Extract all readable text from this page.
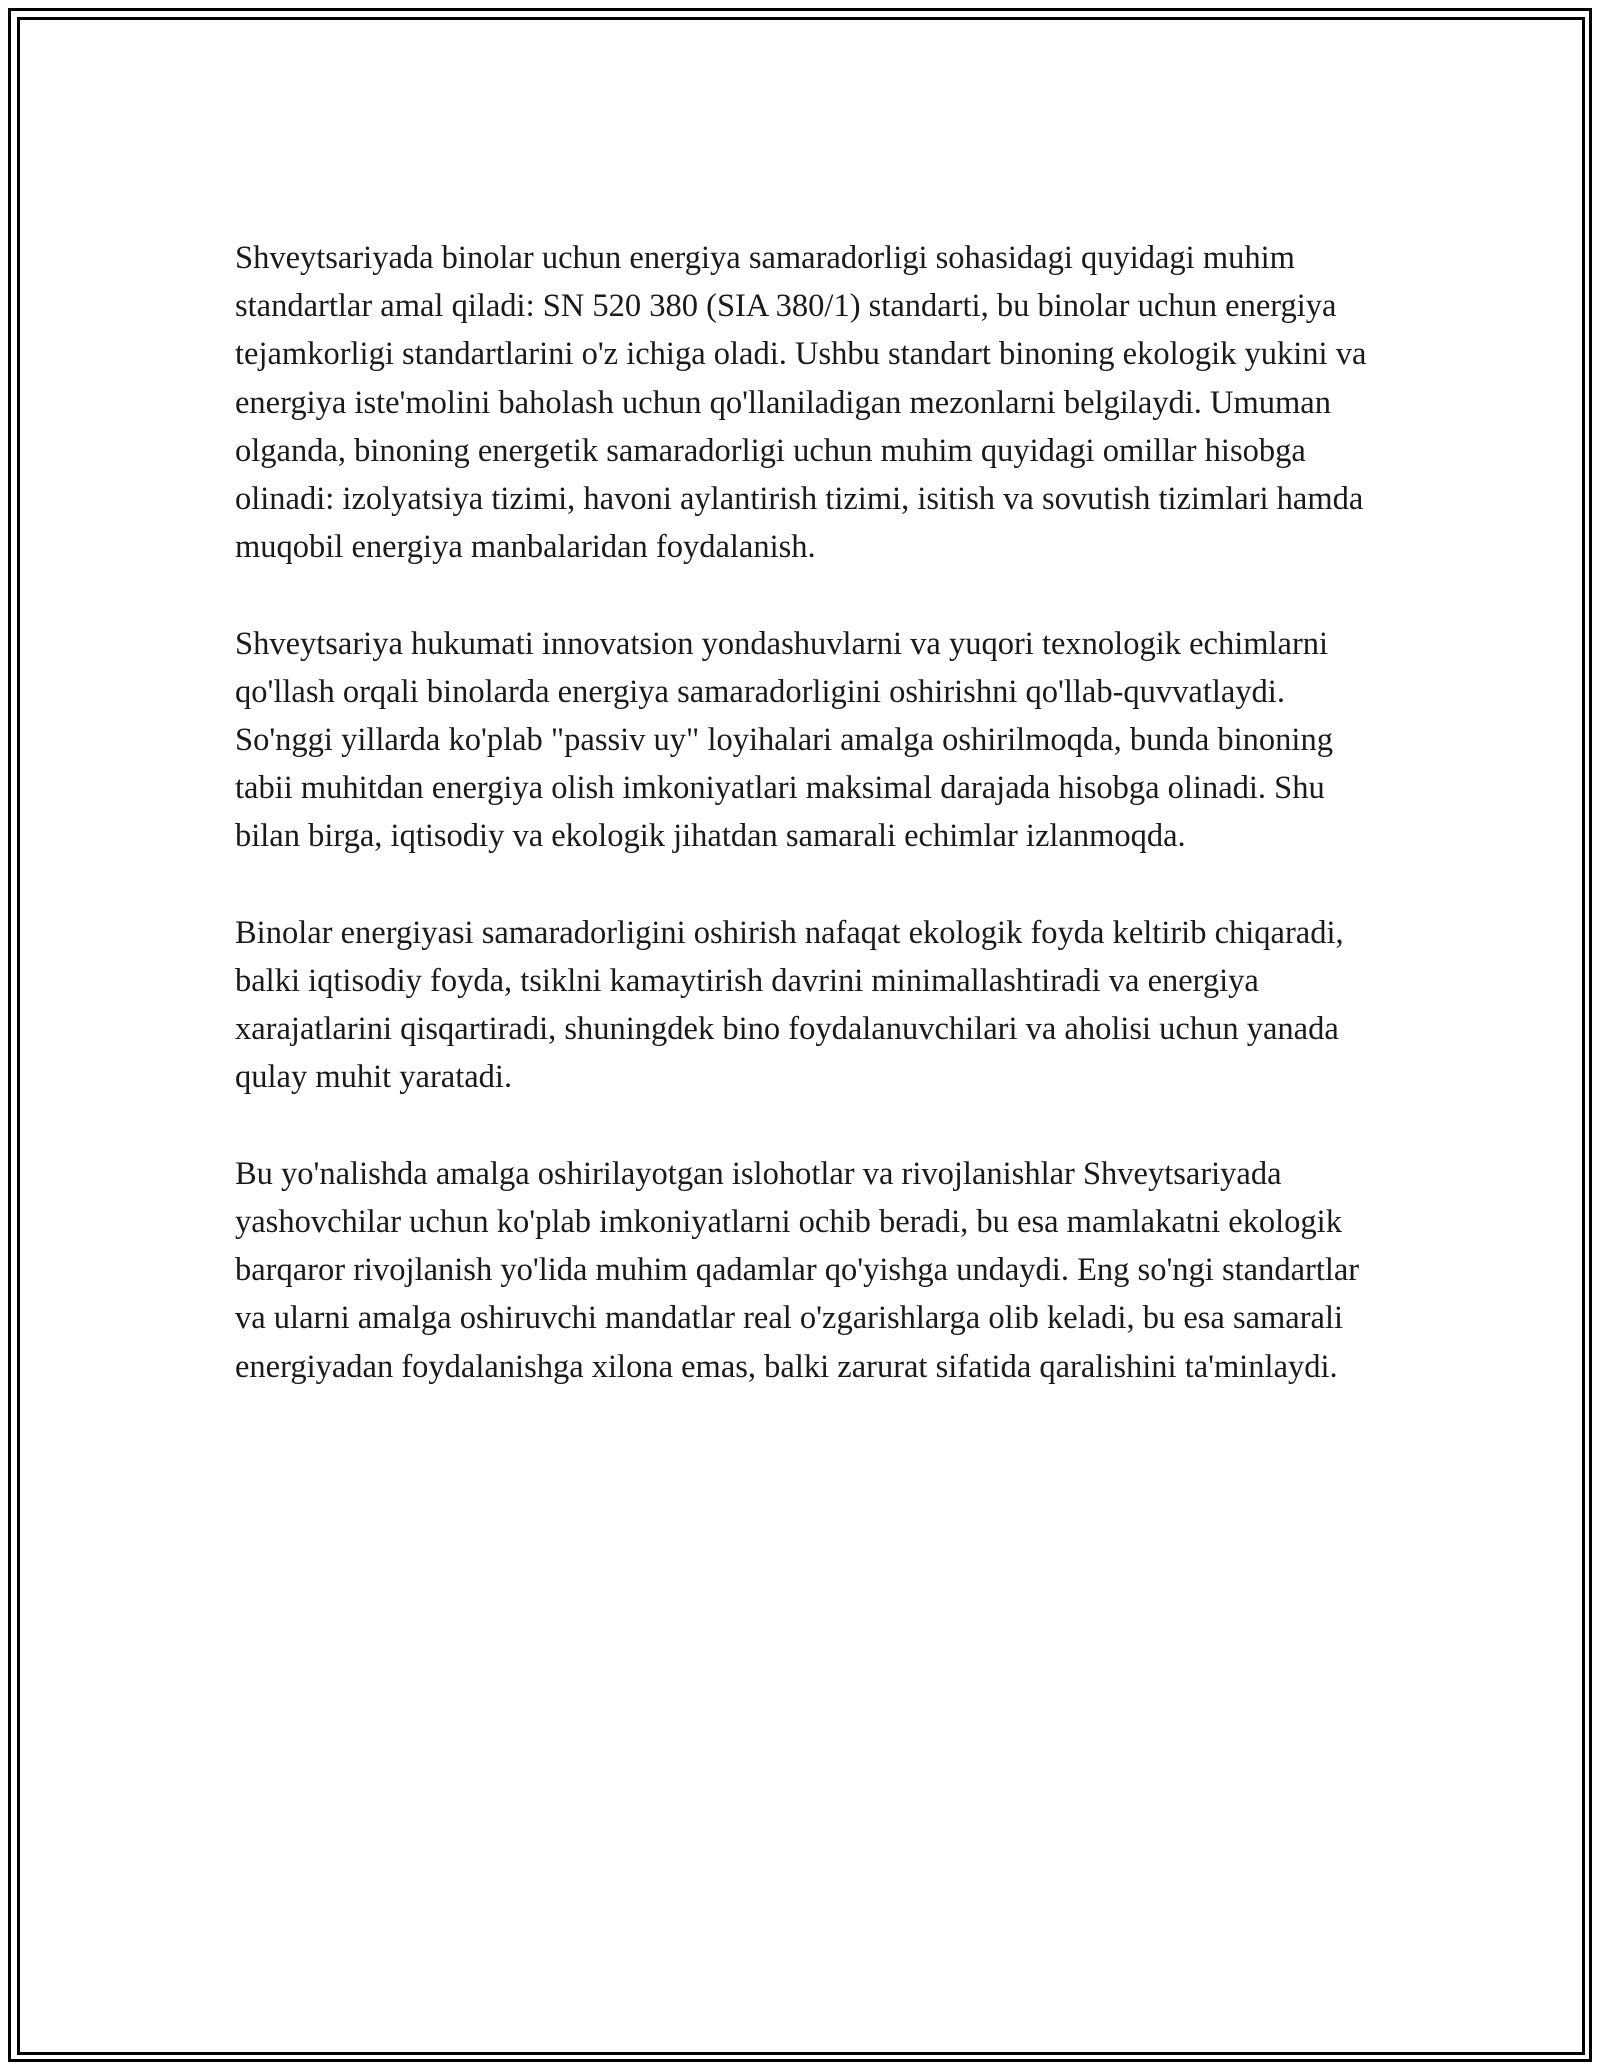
Shveytsariyada binolar uchun energiya samaradorligi sohasidagi quyidagi muhim standartlar amal qiladi: SN 520 380 (SIA 380/1) standarti, bu binolar uchun energiya tejamkorligi standartlarini o'z ichiga oladi. Ushbu standart binoning ekologik yukini va energiya iste'molini baholash uchun qo'llaniladigan mezonlarni belgilaydi. Umuman olganda, binoning energetik samaradorligi uchun muhim quyidagi omillar hisobga olinadi: izolyatsiya tizimi, havoni aylantirish tizimi, isitish va sovutish tizimlari hamda muqobil energiya manbalaridan foydalanish.

Shveytsariya hukumati innovatsion yondashuvlarni va yuqori texnologik echimlarni qo'llash orqali binolarda energiya samaradorligini oshirishni qo'llab-quvvatlaydi. So'nggi yillarda ko'plab "passiv uy" loyihalari amalga oshirilmoqda, bunda binoning tabii muhitdan energiya olish imkoniyatlari maksimal darajada hisobga olinadi. Shu bilan birga, iqtisodiy va ekologik jihatdan samarali echimlar izlanmoqda.

Binolar energiyasi samaradorligini oshirish nafaqat ekologik foyda keltirib chiqaradi, balki iqtisodiy foyda, tsiklni kamaytirish davrini minimallashtiradi va energiya xarajatlarini qisqartiradi, shuningdek bino foydalanuvchilari va aholisi uchun yanada qulay muhit yaratadi.

Bu yo'nalishda amalga oshirilayotgan islohotlar va rivojlanishlar Shveytsariyada yashovchilar uchun ko'plab imkoniyatlarni ochib beradi, bu esa mamlakatni ekologik barqaror rivojlanish yo'lida muhim qadamlar qo'yishga undaydi. Eng so'ngi standartlar va ularni amalga oshiruvchi mandatlar real o'zgarishlarga olib keladi, bu esa samarali energiyadan foydalanishga xilona emas, balki zarurat sifatida qaralishini ta'minlaydi.
